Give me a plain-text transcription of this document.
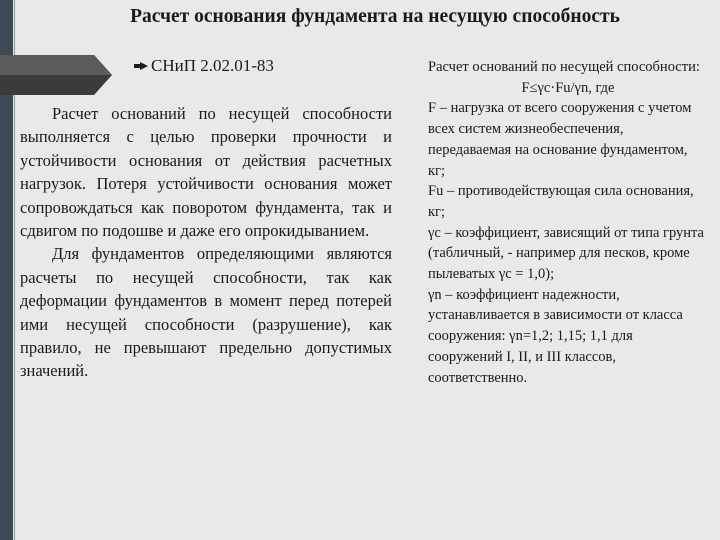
Расчет основания фундамента на несущую способность
СНиП 2.02.01-83

Расчет оснований по несущей способности выполняется с целью проверки прочности и устойчивости основания от действия расчетных нагрузок. Потеря устойчивости основания может сопровождаться как поворотом фундамента, так и сдвигом по подошве и даже его опрокидыванием.

Для фундаментов определяющими являются расчеты по несущей способности, так как деформации фундаментов в момент перед потерей ими несущей способности (разрушение), как правило, не превышают предельно допустимых значений.

Расчет оснований по несущей способности:
F≤γc·Fu/γn, где
F – нагрузка от всего сооружения с учетом всех систем жизнеобеспечения, передаваемая на основание фундаментом, кг;
Fu – противодействующая сила основания, кг;
γc – коэффициент, зависящий от типа грунта (табличный, - например для песков, кроме пылеватых γc = 1,0);
γn – коэффициент надежности, устанавливается в зависимости от класса сооружения: γn=1,2; 1,15; 1,1 для сооружений I, II, и III классов, соответственно.
